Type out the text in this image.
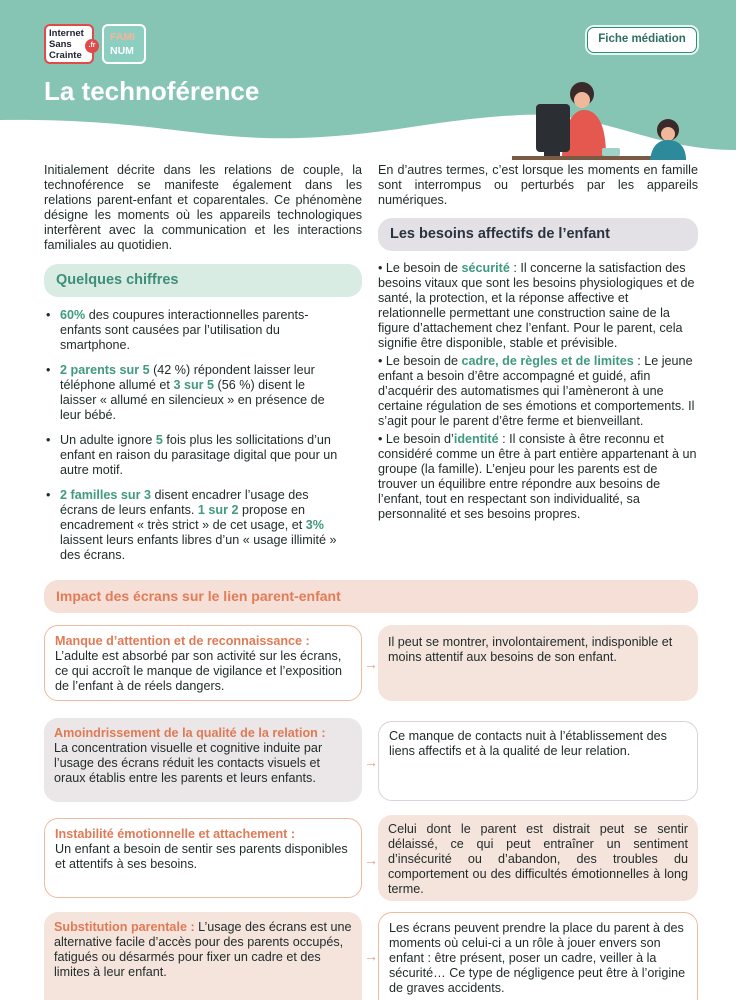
Internet
Sans
Crainte
.fr
FAMI
NUM
Fiche médiation
La technoférence
Initialement décrite dans les relations de couple, la technoférence se manifeste également dans les relations parent-enfant et coparentales. Ce phénomène désigne les moments où les appareils technologiques interfèrent avec la communication et les interactions familiales au quotidien.
En d’autres termes, c’est lorsque les moments en famille sont interrompus ou perturbés par les appareils numériques.
Quelques chiffres
• 60% des coupures interactionnelles parents-enfants sont causées par l’utilisation du smartphone.
• 2 parents sur 5 (42 %) répondent laisser leur téléphone allumé et 3 sur 5 (56 %) disent le laisser « allumé en silencieux » en présence de leur bébé.
• Un adulte ignore 5 fois plus les sollicitations d’un enfant en raison du parasitage digital que pour un autre motif.
• 2 familles sur 3 disent encadrer l’usage des écrans de leurs enfants. 1 sur 2 propose en encadrement « très strict » de cet usage, et 3% laissent leurs enfants libres d’un « usage illimité » des écrans.
Les besoins affectifs de l’enfant

• Le besoin de sécurité : Il concerne la satisfaction des besoins vitaux que sont les besoins physiologiques et de santé, la protection, et la réponse affective et relationnelle permettant une construction saine de la figure d’attachement chez l’enfant. Pour le parent, cela signifie être disponible, stable et prévisible.

• Le besoin de cadre, de règles et de limites : Le jeune enfant a besoin d’être accompagné et guidé, afin d’acquérir des automatismes qui l’amèneront à une certaine régulation de ses émotions et comportements. Il s’agit pour le parent d’être ferme et bienveillant.

• Le besoin d’identité : Il consiste à être reconnu et considéré comme un être à part entière appartenant à un groupe (la famille). L’enjeu pour les parents est de trouver un équilibre entre répondre aux besoins de l’enfant, tout en respectant son individualité, sa personnalité et ses besoins propres.

Impact des écrans sur le lien parent-enfant
Manque d’attention et de reconnaissance :
L’adulte est absorbé par son activité sur les écrans, ce qui accroît le manque de vigilance et l’exposition de l’enfant à de réels dangers.
→
Il peut se montrer, involontairement, indisponible et moins attentif aux besoins de son enfant.
Amoindrissement de la qualité de la relation :
La concentration visuelle et cognitive induite par l’usage des écrans réduit les contacts visuels et oraux établis entre les parents et leurs enfants.
→
Ce manque de contacts nuit à l’établissement des liens affectifs et à la qualité de leur relation.
Instabilité émotionnelle et attachement :
Un enfant a besoin de sentir ses parents disponibles et attentifs à ses besoins.	→
Celui dont le parent est distrait peut se sentir délaissé, ce qui peut entraîner un sentiment d’insécurité ou d’abandon, des troubles du comportement ou des difficultés émotionnelles à long terme.
Substitution parentale : L’usage des écrans est une alternative facile d’accès pour des parents occupés, fatigués ou désarmés pour fixer un cadre et des limites à leur enfant.
→
Les écrans peuvent prendre la place du parent à des moments où celui-ci a un rôle à jouer envers son enfant : être présent, poser un cadre, veiller à la sécurité… Ce type de négligence peut être à l’origine de graves accidents.
